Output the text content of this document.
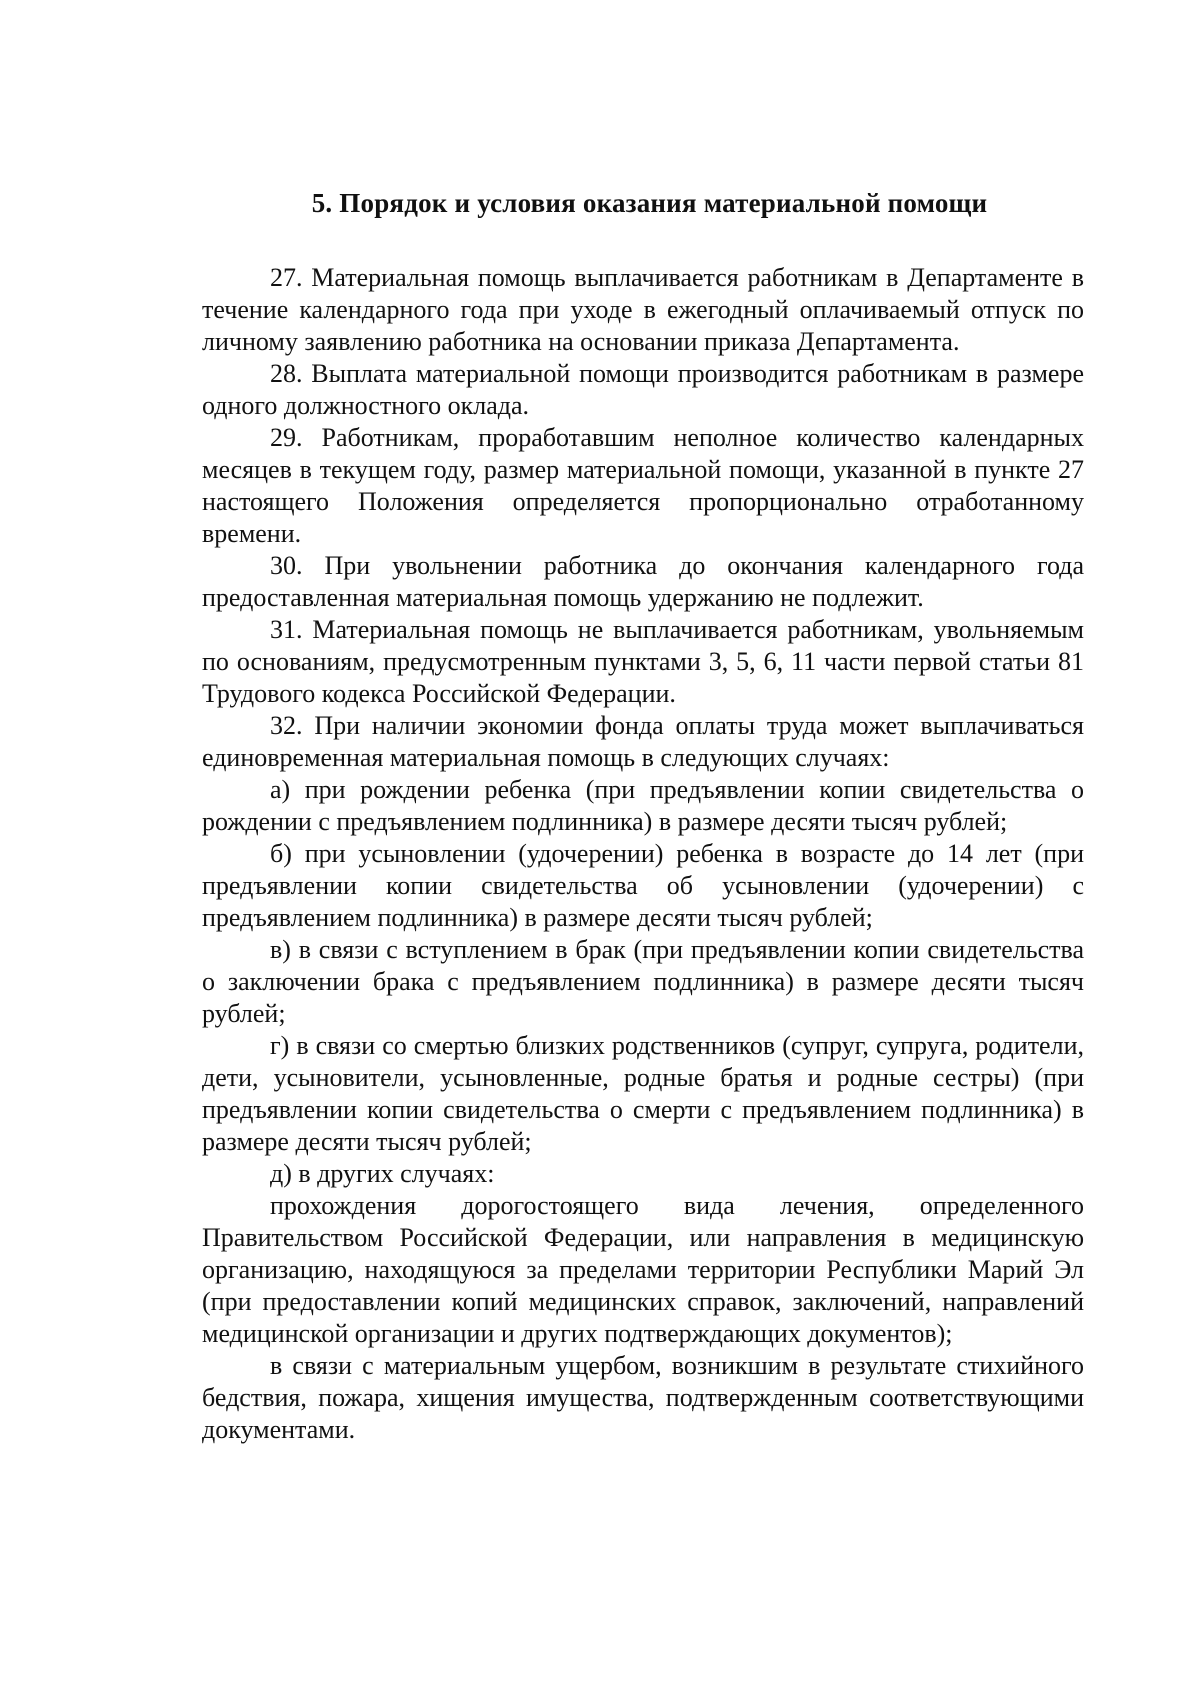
5. Порядок и условия оказания материальной помощи

27. Материальная помощь выплачивается работникам в Департаменте в течение календарного года при уходе в ежегодный оплачиваемый отпуск по личному заявлению работника на основании приказа Департамента.

28. Выплата материальной помощи производится работникам в размере одного должностного оклада.

29. Работникам, проработавшим неполное количество календарных месяцев в текущем году, размер материальной помощи, указанной в пункте 27 настоящего Положения определяется пропорционально отработанному времени.

30. При увольнении работника до окончания календарного года предоставленная материальная помощь удержанию не подлежит.

31. Материальная помощь не выплачивается работникам, увольняемым по основаниям, предусмотренным пунктами 3, 5, 6, 11 части первой статьи 81 Трудового кодекса Российской Федерации.

32. При наличии экономии фонда оплаты труда может выплачиваться единовременная материальная помощь в следующих случаях:

а) при рождении ребенка (при предъявлении копии свидетельства о рождении с предъявлением подлинника) в размере десяти тысяч рублей;

б) при усыновлении (удочерении) ребенка в возрасте до 14 лет (при предъявлении копии свидетельства об усыновлении (удочерении) с предъявлением подлинника) в размере десяти тысяч рублей;

в) в связи с вступлением в брак (при предъявлении копии свидетельства о заключении брака с предъявлением подлинника) в размере десяти тысяч рублей;

г) в связи со смертью близких родственников (супруг, супруга, родители, дети, усыновители, усыновленные, родные братья и родные сестры) (при предъявлении копии свидетельства о смерти с предъявлением подлинника) в размере десяти тысяч рублей;

д) в других случаях:

прохождения дорогостоящего вида лечения, определенного Правительством Российской Федерации, или направления в медицинскую организацию, находящуюся за пределами территории Республики Марий Эл (при предоставлении копий медицинских справок, заключений, направлений медицинской организации и других подтверждающих документов);

в связи с материальным ущербом, возникшим в результате стихийного бедствия, пожара, хищения имущества, подтвержденным соответствующими документами.
